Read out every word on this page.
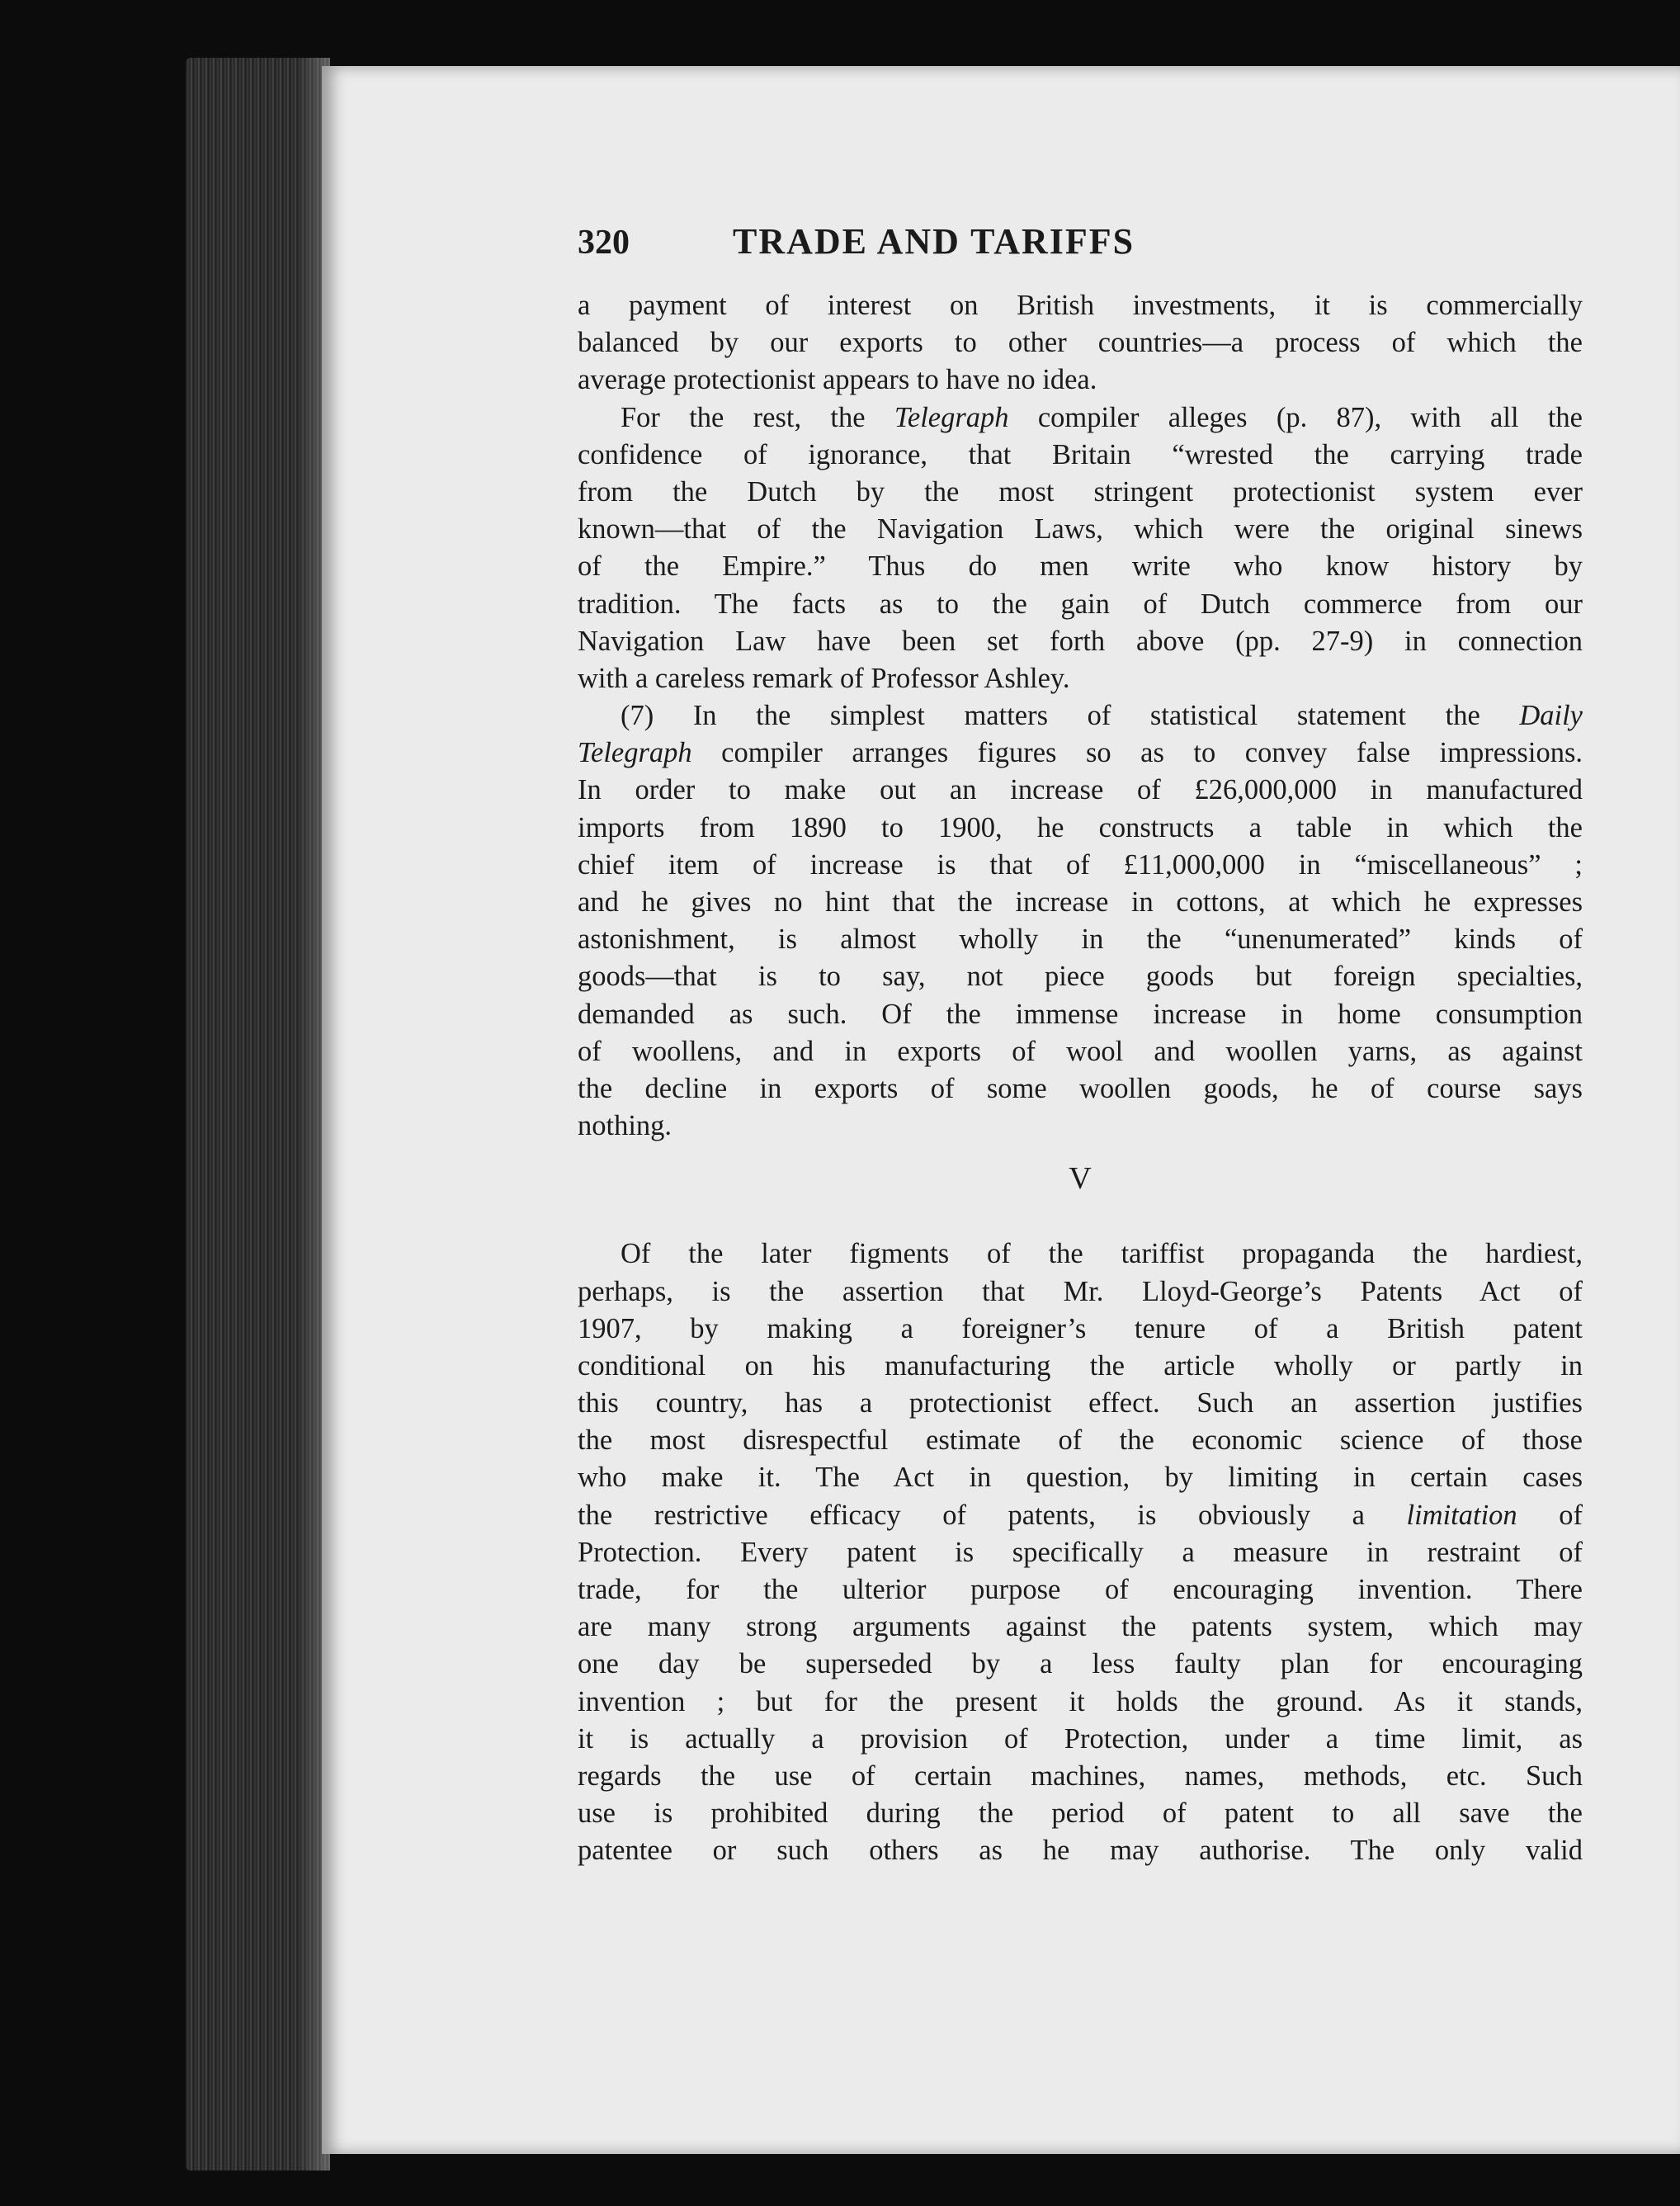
320	TRADE AND TARIFFS
a payment of interest on British investments, it is commercially
balanced by our exports to other countries—a process of which the
average protectionist appears to have no idea.
For the rest, the Telegraph compiler alleges (p. 87), with all the
confidence of ignorance, that Britain “wrested the carrying trade
from the Dutch by the most stringent protectionist system ever
known—that of the Navigation Laws, which were the original sinews
of the Empire.” Thus do men write who know history by
tradition. The facts as to the gain of Dutch commerce from our
Navigation Law have been set forth above (pp. 27-9) in connection
with a careless remark of Professor Ashley.
(7) In the simplest matters of statistical statement the Daily
Telegraph compiler arranges figures so as to convey false impressions.
In order to make out an increase of £26,000,000 in manufactured
imports from 1890 to 1900, he constructs a table in which the
chief item of increase is that of £11,000,000 in “miscellaneous” ;
and he gives no hint that the increase in cottons, at which he expresses
astonishment, is almost wholly in the “unenumerated” kinds of
goods—that is to say, not piece goods but foreign specialties,
demanded as such. Of the immense increase in home consumption
of woollens, and in exports of wool and woollen yarns, as against
the decline in exports of some woollen goods, he of course says
nothing.
V
Of the later figments of the tariffist propaganda the hardiest,
perhaps, is the assertion that Mr. Lloyd-George’s Patents Act of
1907, by making a foreigner’s tenure of a British patent
conditional on his manufacturing the article wholly or partly in
this country, has a protectionist effect. Such an assertion justifies
the most disrespectful estimate of the economic science of those
who make it. The Act in question, by limiting in certain cases
the restrictive efficacy of patents, is obviously a limitation of
Protection. Every patent is specifically a measure in restraint of
trade, for the ulterior purpose of encouraging invention. There
are many strong arguments against the patents system, which may
one day be superseded by a less faulty plan for encouraging
invention ; but for the present it holds the ground. As it stands,
it is actually a provision of Protection, under a time limit, as
regards the use of certain machines, names, methods, etc. Such
use is prohibited during the period of patent to all save the
patentee or such others as he may authorise. The only valid
